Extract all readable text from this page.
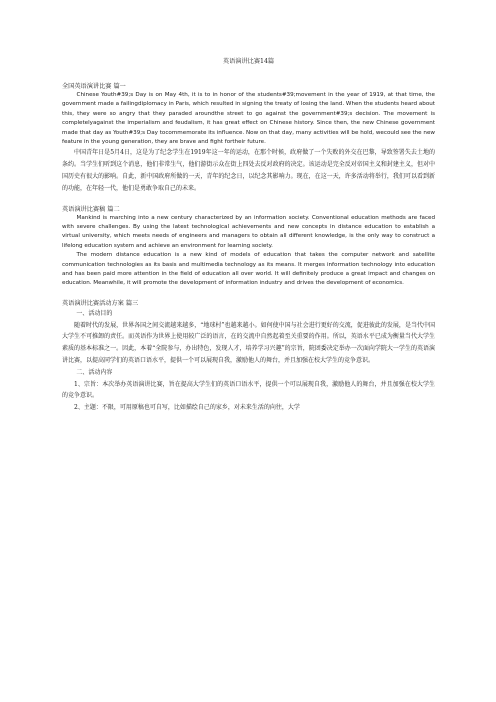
英语演讲比赛14篇
全国英语演讲比赛 篇一

Chinese Youth#39;s Day is on May 4th, it is to in honor of the students#39;movement in the year of 1919, at that time, the government made a failingdiplomacy in Paris, which resulted in signing the treaty of losing the land. When the students heard about this, they were so angry that they paraded aroundthe street to go against the government#39;s decision. The movement is completelyagainst the imperialism and feudalism, it has great effect on Chinese history. Since then, the new Chinese government made that day as Youth#39;s Day tocommemorate its influence. Now on that day, many activities will be hold, wecould see the new feature in the young generation, they are brave and fight fortheir future.

中国青年日是5月4日，这是为了纪念学生在1919年这一年的运动，在那个时候，政府做了一个失败的外交在巴黎，导致签署失去土地的条约。当学生们听到这个消息，他们非常生气，他们游街示众在街上四处去反对政府的决定。该运动是完全反对帝国主义和封建主义，但对中国历史有很大的影响。自此，新中国政府所做的一天，青年的纪念日，以纪念其影响力。现在，在这一天，许多活动将举行，我们可以看到新的功能，在年轻一代，他们是勇敢争取自己的未来。

英语演讲比赛稿 篇二

Mankind is marching into a new century characterized by an information society. Conventional education methods are faced with severe challenges. By using the latest technological achievements and new concepts in distance education to establish a virtual university, which meets needs of engineers and managers to obtain all different knowledge, is the only way to construct a lifelong education system and achieve an environment for learning society.

The modern distance education is a new kind of models of education that takes the computer network and satellite communication technologies as its basis and multimedia technology as its means. It merges information technology into education and has been paid more attention in the field of education all over world. It will definitely produce a great impact and changes on education. Meanwhile, it will promote the development of information industry and drives the development of economics.

英语演讲比赛活动方案 篇三
一、活动目的

随着时代的发展，世界各国之间交流越来越多，“地球村”也越来越小。如何使中国与社会进行更好的交流，促进彼此的发展，是当代中国大学生不可推卸的责任。而英语作为世界上使用较广泛的语言，在的交流中自然起着至关重要的作用。所以，英语水平已成为衡量当代大学生素质的基本标准之一。因此，本着“全院参与，办出特色，发现人才，培养学习兴趣”的宗旨，院团委决定举办一次面向学院大一学生的英语演讲比赛，以提高同学们的英语口语水平，提供一个可以展现自我，激励他人的舞台，并且加强在校大学生的竞争意识。

二、活动内容

1、宗旨：本次举办英语演讲比赛，旨在提高大学生们的英语口语水平，提供一个可以展现自我，激励他人的舞台，并且加强在校大学生的竞争意识。

2、主题：不限，可用原稿也可自写，比如描绘自己的家乡，对未来生活的向往，大学
